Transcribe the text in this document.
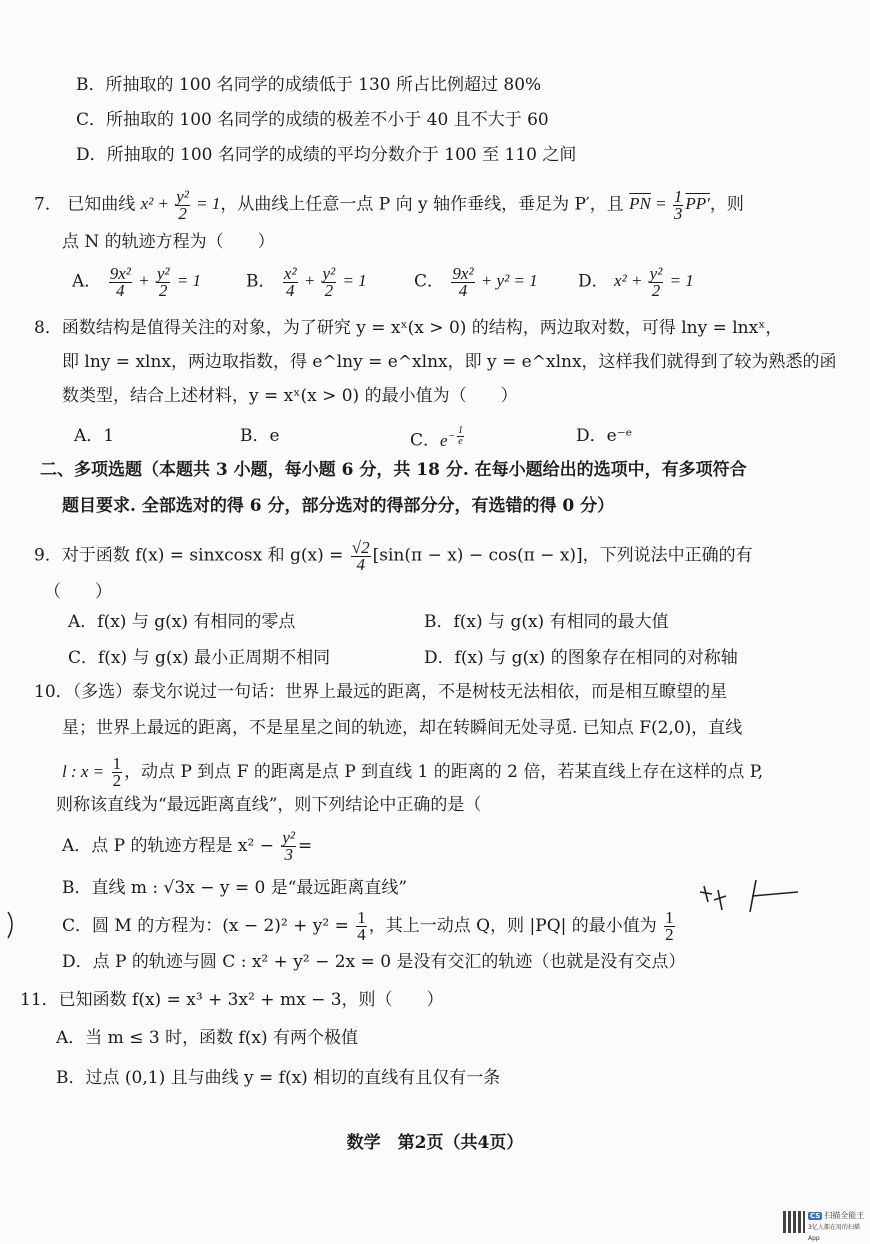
B．所抽取的 100 名同学的成绩低于 130 所占比例超过 80%
C．所抽取的 100 名同学的成绩的极差不小于 40 且不大于 60
D．所抽取的 100 名同学的成绩的平均分数介于 100 至 110 之间
7． 已知曲线 $x^2 + \frac{\text{y²}}{2} = 1$，从曲线上任意一点 P 向 y 轴作垂线，垂足为 P′，且 $\overline{PN} = \frac{1}{3} PP'$，则
点 N 的轨迹方程为（　　）
A． $\frac{\text{9x²}}{4} + \frac{\text{y²}}{2} = 1$	B． $\frac{\text{x²}}{4} + \frac{\text{y²}}{2} = 1$	C． $\frac{\text{9x²}}{4} + y^2 = 1$ D． $x^2 + \frac{\text{y²}}{2} = 1$
8．函数结构是值得关注的对象，为了研究 y = xˣ(x > 0) 的结构，两边取对数，可得 lny = lnxˣ，
即 lny = xlnx，两边取指数，得 e^lny = e^xlnx，即 y = e^xlnx，这样我们就得到了较为熟悉的函
数类型，结合上述材料，y = xˣ(x > 0) 的最小值为（　　）
A．1	B．e	C．$e^{- \frac{1}{e}}$	D．e⁻ᵉ
二、多项选题（本题共 3 小题，每小题 6 分，共 18 分. 在每小题给出的选项中，有多项符合
题目要求. 全部选对的得 6 分，部分选对的得部分分，有选错的得 0 分）
9．对于函数 f(x) = sinxcosx 和 $g(x) = \frac{√2}{4} [\sin(\pi - x) - \cos(\pi - x)]$，下列说法中正确的有
（　　）
A．f(x) 与 g(x) 有相同的零点	B．f(x) 与 g(x) 有相同的最大值
C．f(x) 与 g(x) 最小正周期不相同	D．f(x) 与 g(x) 的图象存在相同的对称轴
10．（多选）泰戈尔说过一句话：世界上最远的距离，不是树枝无法相依，而是相互瞭望的星
星；世界上最远的距离，不是星星之间的轨迹，却在转瞬间无处寻觅. 已知点 F(2,0)，直线
l : $x = \frac{1}{2}$ ，动点 P 到点 F 的距离是点 P 到直线 1 的距离的 2 倍，若某直线上存在这样的点 P,
则称该直线为“最远距离直线”，则下列结论中正确的是（
A．点 P 的轨迹方程是 $x^2 - \frac{\text{y²}}{3}$ =
B．直线 m : √3x − y = 0 是“最远距离直线”
C．圆 M 的方程为：$(x - 2)^2 + y^2 = \frac{1}{4}$ ，其上一动点 Q，则 |PQ| 的最小值为 $\frac{1}{2}$
D．点 P 的轨迹与圆 C : x² + y² − 2x = 0 是没有交汇的轨迹（也就是没有交点）
11．已知函数 f(x) = x³ + 3x² + mx − 3，则（　　）
A．当 m ≤ 3 时，函数 f(x) 有两个极值
B．过点 (0,1) 且与曲线 y = f(x) 相切的直线有且仅有一条
数学　第2页（共4页）
CS 扫描全能王
3亿人都在用的扫描App
